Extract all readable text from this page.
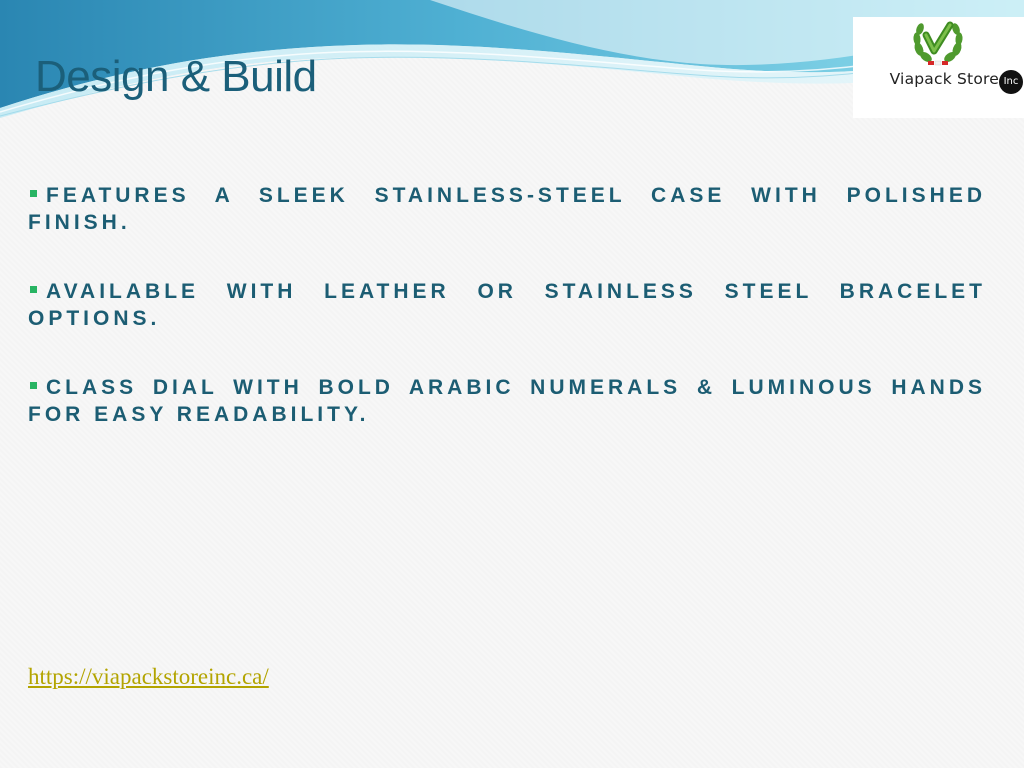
Design & Build	Viapack Store Inc
FEATURES A SLEEK STAINLESS-STEEL CASE WITH POLISHED FINISH.
AVAILABLE WITH LEATHER OR STAINLESS STEEL BRACELET OPTIONS.
CLASS DIAL WITH BOLD ARABIC NUMERALS & LUMINOUS HANDS FOR EASY READABILITY.
https://viapackstoreinc.ca/
